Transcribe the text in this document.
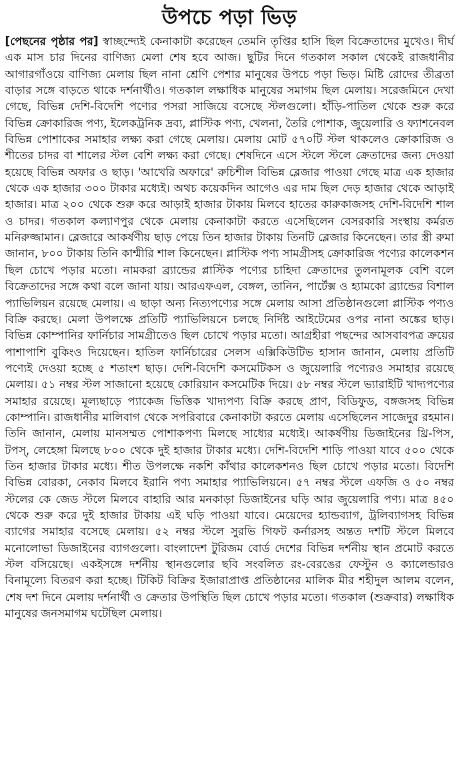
উপচে পড়া ভিড়

[পেছনের পৃষ্ঠার পর] স্বাচ্ছন্দ্যেই কেনাকাটা করেছেন তেমনি তৃপ্তির হাসি ছিল বিক্রেতাদের মুখেও। দীর্ঘ এক মাস চার দিনের বাণিজ্য মেলা শেষ হবে আজ। ছুটির দিনে গতকাল সকাল থেকেই রাজধানীর আগারগাঁওয়ে বাণিজ্য মেলায় ছিল নানা শ্রেণি পেশার মানুষের উপচে পড়া ভিড়। মিষ্টি রোদের তীব্রতা বাড়ার সঙ্গে বাড়তে থাকে দর্শনার্থীও। গতকাল লক্ষাধিক মানুষের সমাগম ছিল মেলায়। সরেজমিনে দেখা গেছে, বিভিন্ন দেশি-বিদেশি পণ্যের পসরা সাজিয়ে বসেছে স্টলগুলো। হাঁড়ি-পাতিল থেকে শুরু করে বিভিন্ন ক্রোকারিজ পণ্য, ইলেকট্রনিক দ্রব্য, প্লাস্টিক পণ্য, খেলনা, তৈরি পোশাক, জুয়েলারি ও ফ্যাশনেবল বিভিন্ন পোশাকের সমাহার লক্ষ্য করা গেছে মেলায়। মেলায় মোট ৫৭০টি স্টল থাকলেও ক্রোকারিজ ও শীতের চাদর বা শালের স্টল বেশি লক্ষ্য করা গেছে। শেষদিনে এসে স্টলে স্টলে ক্রেতাদের জন্য দেওয়া হয়েছে বিভিন্ন অফার ও ছাড়। 'আখেরি অফারে' রুচিশীল বিভিন্ন ব্লেজার পাওয়া গেছে মাত্র এক হাজার থেকে এক হাজার ৩০০ টাকার মধ্যেই। অথচ কয়েকদিন আগেও এর দাম ছিল দেড় হাজার থেকে আড়াই হাজার। মাত্র ২০০ থেকে শুরু করে আড়াই হাজার টাকায় মিলবে হাতের কারুকাজসহ দেশি-বিদেশি শাল ও চাদর। গতকাল কল্যাণপুর থেকে মেলায় কেনাকাটা করতে এসেছিলেন বেসরকারি সংস্থায় কর্মরত মনিরুজ্জামান। ব্লেজারে আকর্ষণীয় ছাড় পেয়ে তিন হাজার টাকায় তিনটি ব্লেজার কিনেছেন। তার স্ত্রী রুমা জানান, ৮০০ টাকায় তিনি কাশ্মীরি শাল কিনেছেন। প্লাস্টিক পণ্য সামগ্রীসহ ক্রোকারিজ পণ্যের কালেকশন ছিল চোখে পড়ার মতো। নামকরা ব্র্যান্ডের প্লাস্টিক পণ্যের চাহিদা ক্রেতাদের তুলনামূলক বেশি বলে বিক্রেতাদের সঙ্গে কথা বলে জানা যায়। আরএফএল, বেঙ্গল, তানিন, পার্টেক্স ও হ্যামকো ব্র্যান্ডের বিশাল প্যাভিলিয়ন রয়েছে মেলায়। এ ছাড়া অন্য নিত্যপণ্যের সঙ্গে মেলায় আসা প্রতিষ্ঠানগুলো প্লাস্টিক পণ্যও বিক্রি করছে। মেলা উপলক্ষে প্রতিটি প্যাভিলিয়নে চলছে নির্দিষ্ট আইটেমের ওপর নানা অঙ্কের ছাড়। বিভিন্ন কোম্পানির ফার্নিচার সামগ্রীতেও ছিল চোখে পড়ার মতো। আগ্রহীরা পছন্দের আসবাবপত্র ক্রয়ের পাশাপাশি বুকিংও দিয়েছেন। হাতিল ফার্নিচারের সেলস এক্সিকিউটিভ হাসান জানান, মেলায় প্রতিটি পণ্যেই দেওয়া হচ্ছে ৫ শতাংশ ছাড়। দেশি-বিদেশি কসমেটিকস ও জুয়েলারি পণ্যেরও সমাহার রয়েছে মেলায়। ৫১ নম্বর স্টল সাজানো হয়েছে কোরিয়ান কসমেটিক দিয়ে। ৫৮ নম্বর স্টলে ভ্যারাইটি খাদ্যপণ্যের সমাহার রয়েছে। মূল্যছাড়ে প্যাকেজ ভিত্তিক খাদ্যপণ্য বিক্রি করছে প্রাণ, বিডিফুড, বঙ্গজসহ বিভিন্ন কোম্পানি। রাজধানীর মালিবাগ থেকে সপরিবারে কেনাকাটা করতে মেলায় এসেছিলেন সাজেদুর রহমান। তিনি জানান, মেলায় মানসম্মত পোশাকপণ্য মিলছে সাধ্যের মধ্যেই। আকর্ষণীয় ডিজাইনের থ্রি-পিস, টপস্, লেহেঙ্গা মিলছে ৮০০ থেকে দুই হাজার টাকার মধ্যে। দেশি-বিদেশি শাড়ি পাওয়া যাবে ৫০০ থেকে তিন হাজার টাকার মধ্যে। শীত উপলক্ষে নকশি কাঁথার কালেকশনও ছিল চোখে পড়ার মতো। বিদেশি বিভিন্ন বোরকা, নেকাব মিলবে ইরানি পণ্য সমাহার প্যাভিলিয়নে। ৫৭ নম্বর স্টলে এফজি ও ৫০ নম্বর স্টলের কে জেড স্টলে মিলবে বাহারি আর মনকাড়া ডিজাইনের ঘড়ি আর জুয়েলারি পণ্য। মাত্র ৪৫০ থেকে শুরু করে দুই হাজার টাকায় এই ঘড়ি পাওয়া যাবে। মেয়েদের হ্যান্ডব্যাগ, ট্রলিব্যাগসহ বিভিন্ন ব্যাগের সমাহার বসেছে মেলায়। ৫২ নম্বর স্টলে সুরভি গিফট কর্নারসহ অন্তত দশটি স্টলে মিলবে মনোলোভা ডিজাইনের ব্যাগগুলো। বাংলাদেশ টুরিজম বোর্ড দেশের বিভিন্ন দর্শনীয় স্থান প্রমোট করতে স্টল বসিয়েছে। একইসঙ্গে দর্শনীয় স্থানগুলোর ছবি সংবলিত রং-বেরঙের ফেস্টুন ও ক্যালেন্ডারও বিনামূল্যে বিতরণ করা হচ্ছে। টিকিট বিক্রির ইজারাপ্রাপ্ত প্রতিষ্ঠানের মালিক মীর শহীদুল আলম বলেন, শেষ দশ দিনে মেলায় দর্শনার্থী ও ক্রেতার উপস্থিতি ছিল চোখে পড়ার মতো। গতকাল (শুক্রবার) লক্ষাধিক মানুষের জনসমাগম ঘটেছিল মেলায়।
